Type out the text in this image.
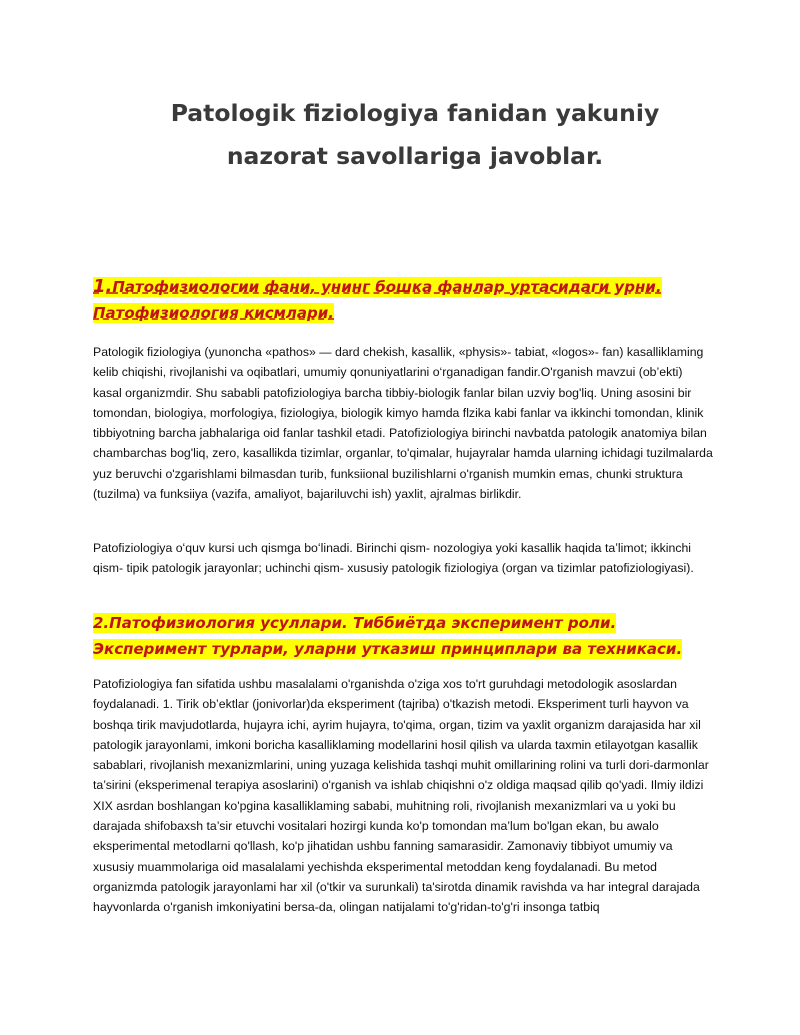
Patologik fiziologiya fanidan yakuniy
nazorat savollariga javoblar.
1.Патофизиологии фани, унинг бошка фанлар уртасидаги урни. Патофизиология кисмлари.

Patologik fiziologiya (yunoncha «pathos» — dard chekish, kasallik, «physis»- tabiat, «logos»- fan) kasalliklaming kelib chiqishi, rivojlanishi va oqibatlari, umumiy qonuniyatlarini o‘rganadigan fandir.O'rganish mavzui (ob’ekti) kasal organizmdir. Shu sababli patofiziologiya barcha tibbiy-biologik fanlar bilan uzviy bog'liq. Uning asosini bir tomondan, biologiya, morfologiya, fiziologiya, biologik kimyo hamda flzika kabi fanlar va ikkinchi tomondan, klinik tibbiyotning barcha jabhalariga oid fanlar tashkil etadi. Patofiziologiya birinchi navbatda patologik anatomiya bilan chambarchas bog'liq, zero, kasallikda tizimlar, organlar, to'qimalar, hujayralar hamda ularning ichidagi tuzilmalarda yuz beruvchi o'zgarishlami bilmasdan turib, funksiional buzilishlarni o'rganish mumkin emas, chunki struktura (tuzilma) va funksiiya (vazifa, amaliyot, bajariluvchi ish) yaxlit, ajralmas birlikdir.

Patofiziologiya oʻquv kursi uch qismga boʻlinadi. Birinchi qism- nozologiya yoki kasallik haqida taʼlimot; ikkinchi qism- tipik patologik jarayonlar; uchinchi qism- xususiy patologik fiziologiya (organ va tizimlar patofiziologiyasi).

2.Патофизиология усуллари. Тиббиётда эксперимент роли. Эксперимент турлари, уларни утказиш принциплари ва техникаси.

Patofiziologiya fan sifatida ushbu masalalami o'rganishda o'ziga xos to'rt guruhdagi metodologik asoslardan foydalanadi. 1. Tirik ob’ektlar (jonivorlar)da eksperiment (tajriba) o'tkazish metodi. Eksperiment turli hayvon va boshqa tirik mavjudotlarda, hujayra ichi, ayrim hujayra, to'qima, organ, tizim va yaxlit organizm darajasida har xil patologik jarayonlami, imkoni boricha kasalliklaming modellarini hosil qilish va ularda taxmin etilayotgan kasallik sabablari, rivojlanish mexanizmlarini, uning yuzaga kelishida tashqi muhit omillarining rolini va turli dori-darmonlar ta’sirini (eksperimenal terapiya asoslarini) o'rganish va ishlab chiqishni o'z oldiga maqsad qilib qo'yadi. Ilmiy ildizi XIX asrdan boshlangan ko'pgina kasalliklaming sababi, muhitning roli, rivojlanish mexanizmlari va u yoki bu darajada shifobaxsh ta’sir etuvchi vositalari hozirgi kunda ko'p tomondan ma’lum bo'lgan ekan, bu awalo eksperimental metodlarni qo'llash, ko'p jihatidan ushbu fanning samarasidir. Zamonaviy tibbiyot umumiy va xususiy muammolariga oid masalalami yechishda eksperimental metoddan keng foydalanadi. Bu metod organizmda patologik jarayonlami har xil (o'tkir va surunkali) ta'sirotda dinamik ravishda va har integral darajada hayvonlarda o'rganish imkoniyatini bersa-da, olingan natijalami to'g'ridan-to'g'ri insonga tatbiq
